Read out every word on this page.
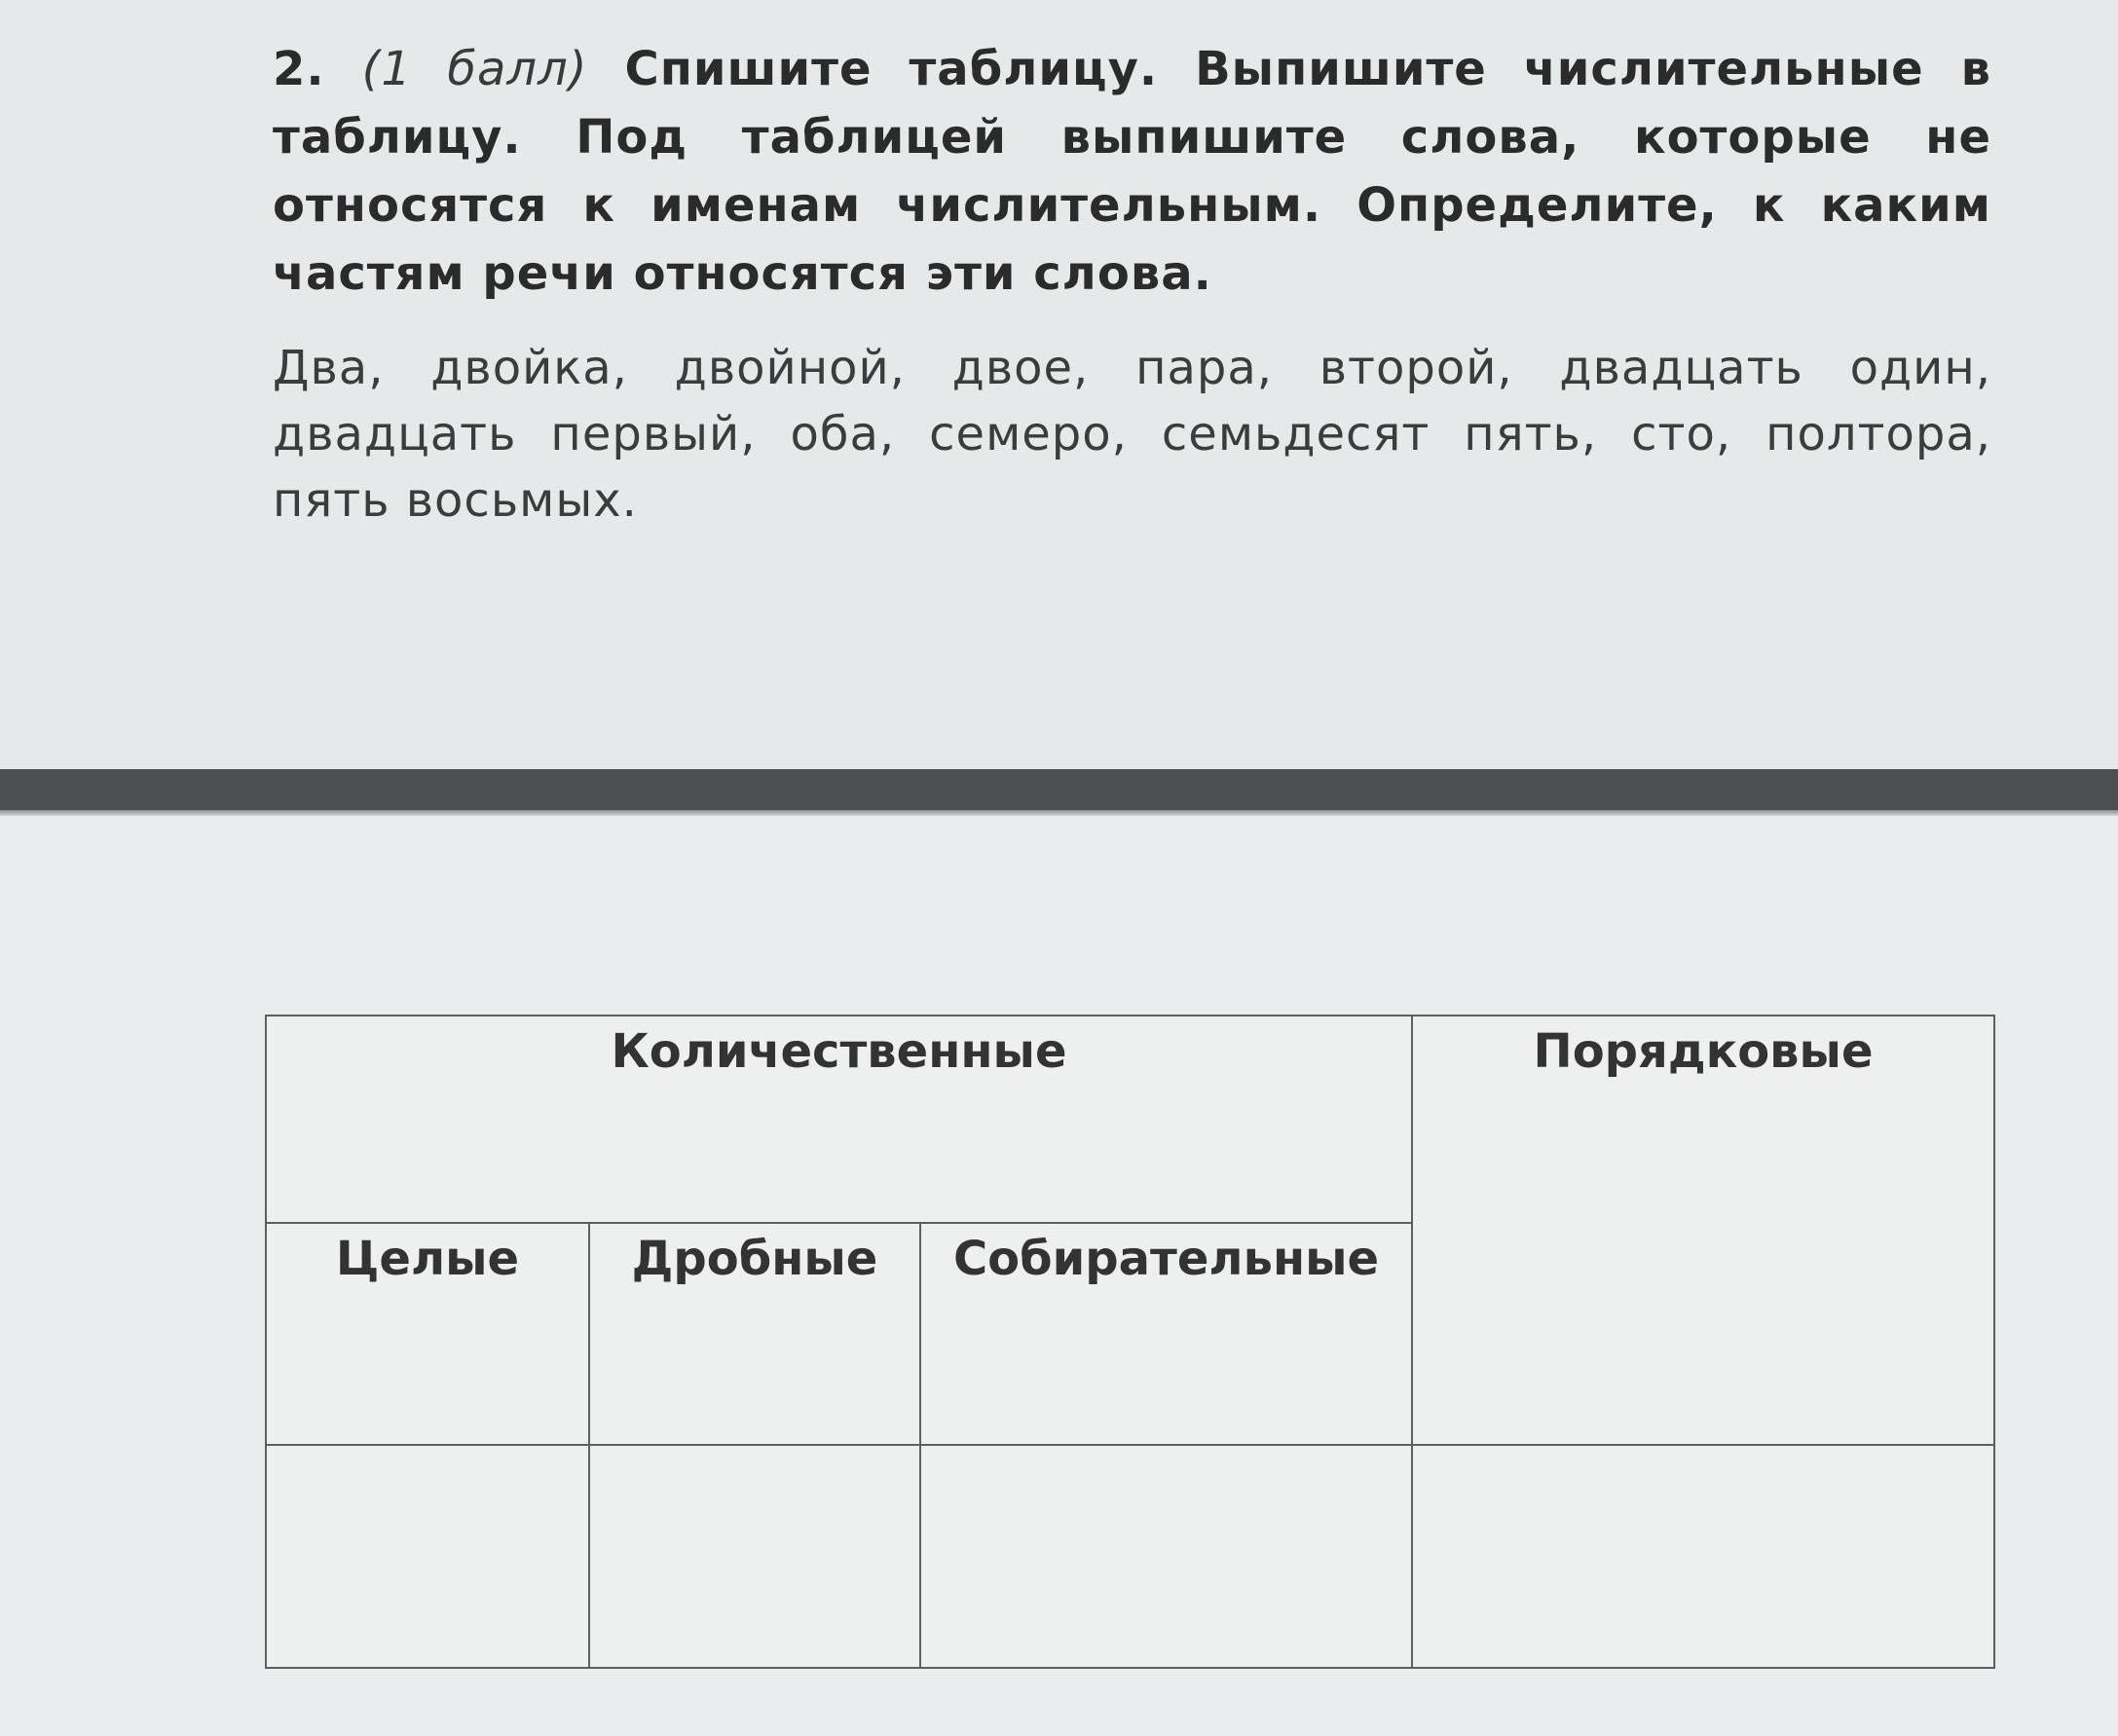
2. (1 балл) Спишите таблицу. Выпишите числительные в таблицу. Под таблицей выпишите слова, которые не относятся к именам числительным. Определите, к каким частям речи относятся эти слова.

Два, двойка, двойной, двое, пара, второй, двадцать один, двадцать первый, оба, семеро, семьдесят пять, сто, полтора, пять восьмых.

Количественные			Порядковые
Целые	Дробные	Собирательные	
